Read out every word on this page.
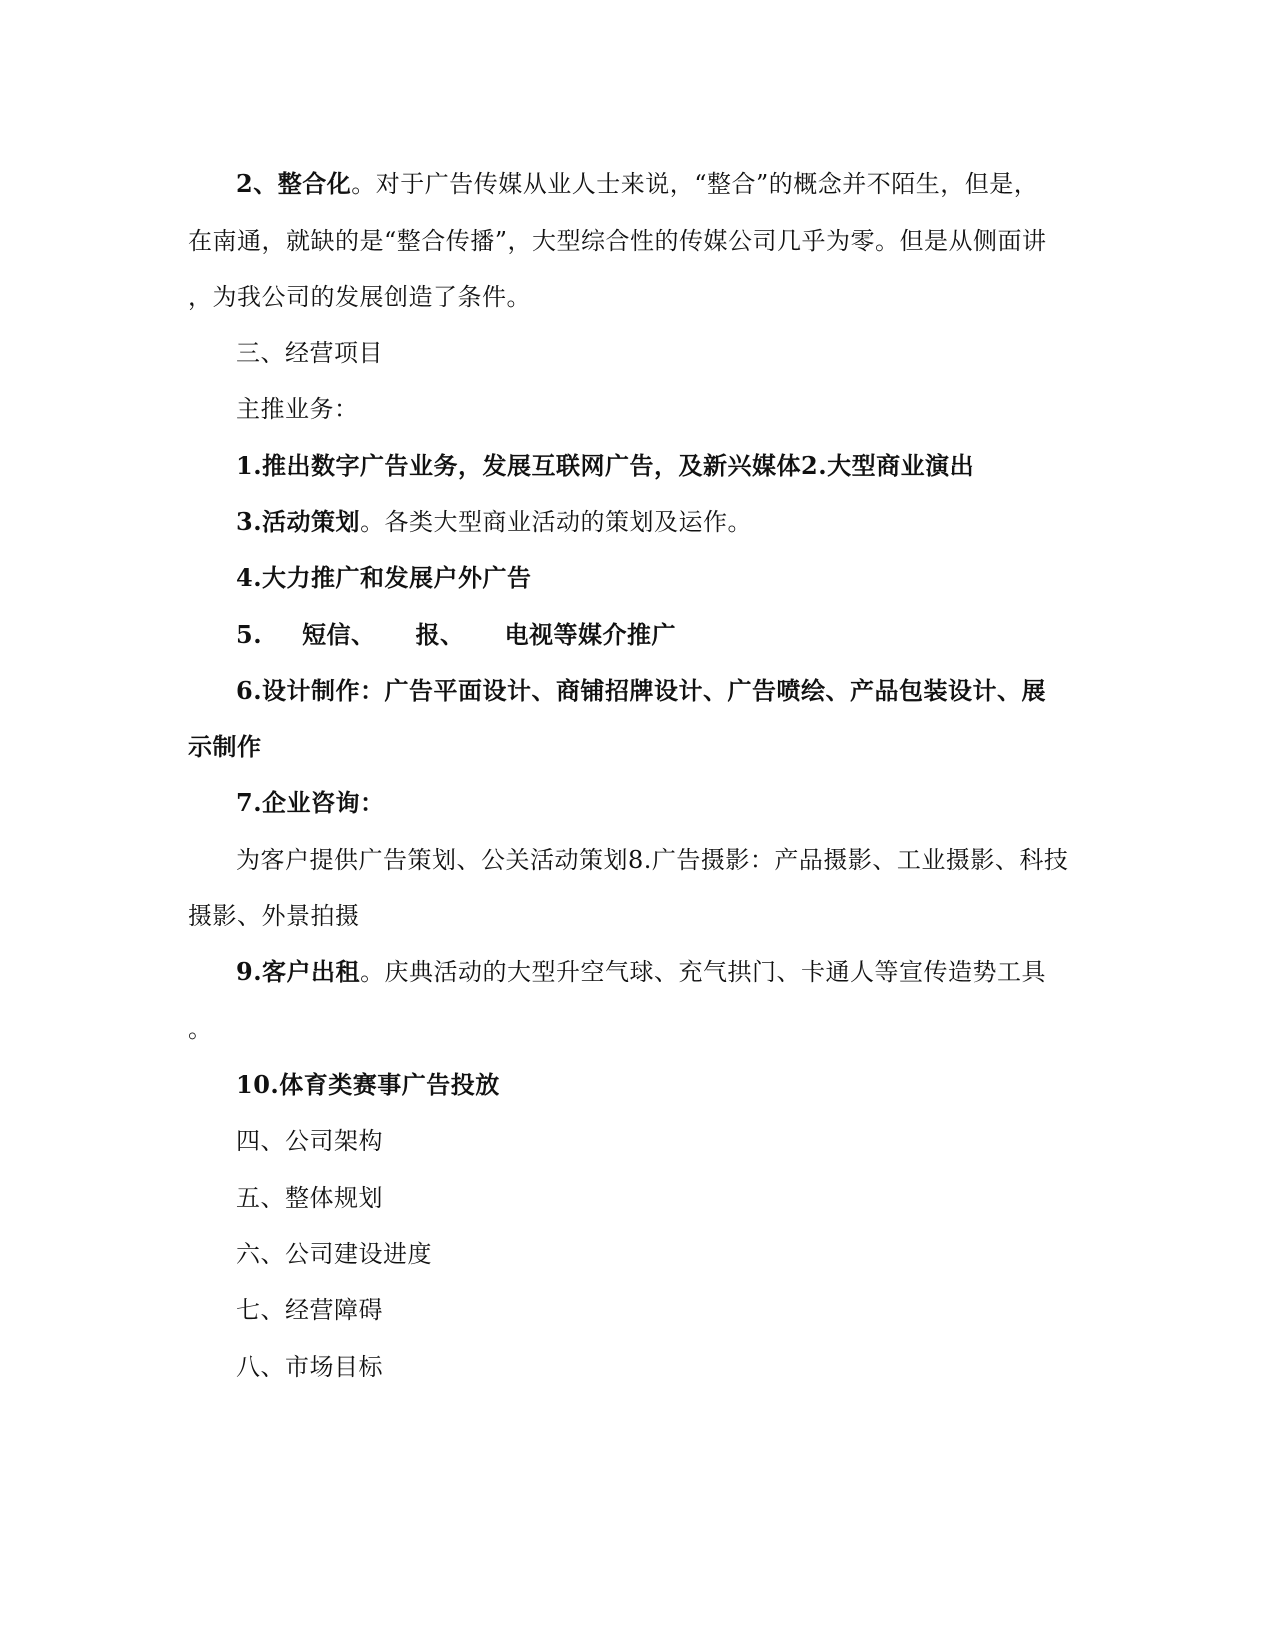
2、整合化。对于广告传媒从业人士来说，“整合”的概念并不陌生，但是，
在南通，就缺的是“整合传播”，大型综合性的传媒公司几乎为零。但是从侧面讲
，为我公司的发展创造了条件。
三、经营项目
主推业务：
1.推出数字广告业务，发展互联网广告，及新兴媒体2.大型商业演出
3.活动策划。各类大型商业活动的策划及运作。
4.大力推广和发展户外广告
5. 短信、 报、 电视等媒介推广
6.设计制作：广告平面设计、商铺招牌设计、广告喷绘、产品包装设计、展
示制作
7.企业咨询：
为客户提供广告策划、公关活动策划8.广告摄影：产品摄影、工业摄影、科技
摄影、外景拍摄
9.客户出租。庆典活动的大型升空气球、充气拱门、卡通人等宣传造势工具
。
10.体育类赛事广告投放
四、公司架构
五、整体规划
六、公司建设进度
七、经营障碍
八、市场目标
